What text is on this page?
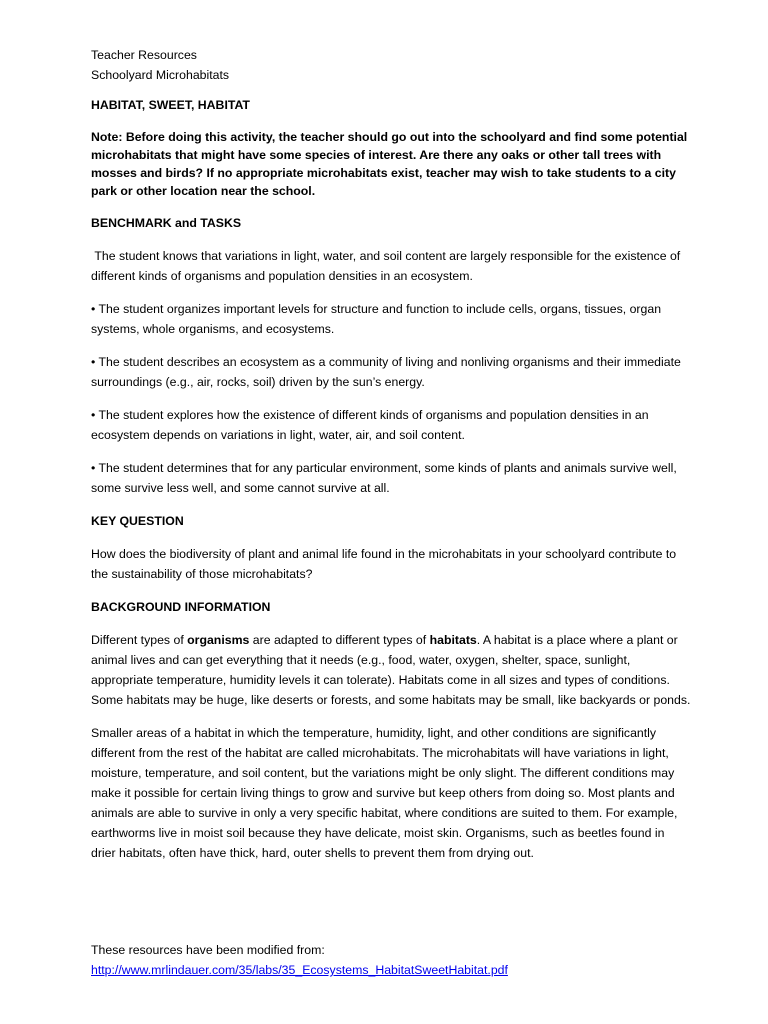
Teacher Resources

Schoolyard Microhabitats

HABITAT, SWEET, HABITAT

Note: Before doing this activity, the teacher should go out into the schoolyard and find some potential microhabitats that might have some species of interest. Are there any oaks or other tall trees with mosses and birds? If no appropriate microhabitats exist, teacher may wish to take students to a city park or other location near the school.

BENCHMARK and TASKS

The student knows that variations in light, water, and soil content are largely responsible for the existence of different kinds of organisms and population densities in an ecosystem.

• The student organizes important levels for structure and function to include cells, organs, tissues, organ systems, whole organisms, and ecosystems.

• The student describes an ecosystem as a community of living and nonliving organisms and their immediate surroundings (e.g., air, rocks, soil) driven by the sun’s energy.

• The student explores how the existence of different kinds of organisms and population densities in an ecosystem depends on variations in light, water, air, and soil content.

• The student determines that for any particular environment, some kinds of plants and animals survive well, some survive less well, and some cannot survive at all.

KEY QUESTION

How does the biodiversity of plant and animal life found in the microhabitats in your schoolyard contribute to the sustainability of those microhabitats?

BACKGROUND INFORMATION

Different types of organisms are adapted to different types of habitats. A habitat is a place where a plant or animal lives and can get everything that it needs (e.g., food, water, oxygen, shelter, space, sunlight, appropriate temperature, humidity levels it can tolerate). Habitats come in all sizes and types of conditions. Some habitats may be huge, like deserts or forests, and some habitats may be small, like backyards or ponds.

Smaller areas of a habitat in which the temperature, humidity, light, and other conditions are significantly different from the rest of the habitat are called microhabitats. The microhabitats will have variations in light, moisture, temperature, and soil content, but the variations might be only slight. The different conditions may make it possible for certain living things to grow and survive but keep others from doing so. Most plants and animals are able to survive in only a very specific habitat, where conditions are suited to them. For example, earthworms live in moist soil because they have delicate, moist skin. Organisms, such as beetles found in drier habitats, often have thick, hard, outer shells to prevent them from drying out.

These resources have been modified from:

http://www.mrlindauer.com/35/labs/35_Ecosystems_HabitatSweetHabitat.pdf
